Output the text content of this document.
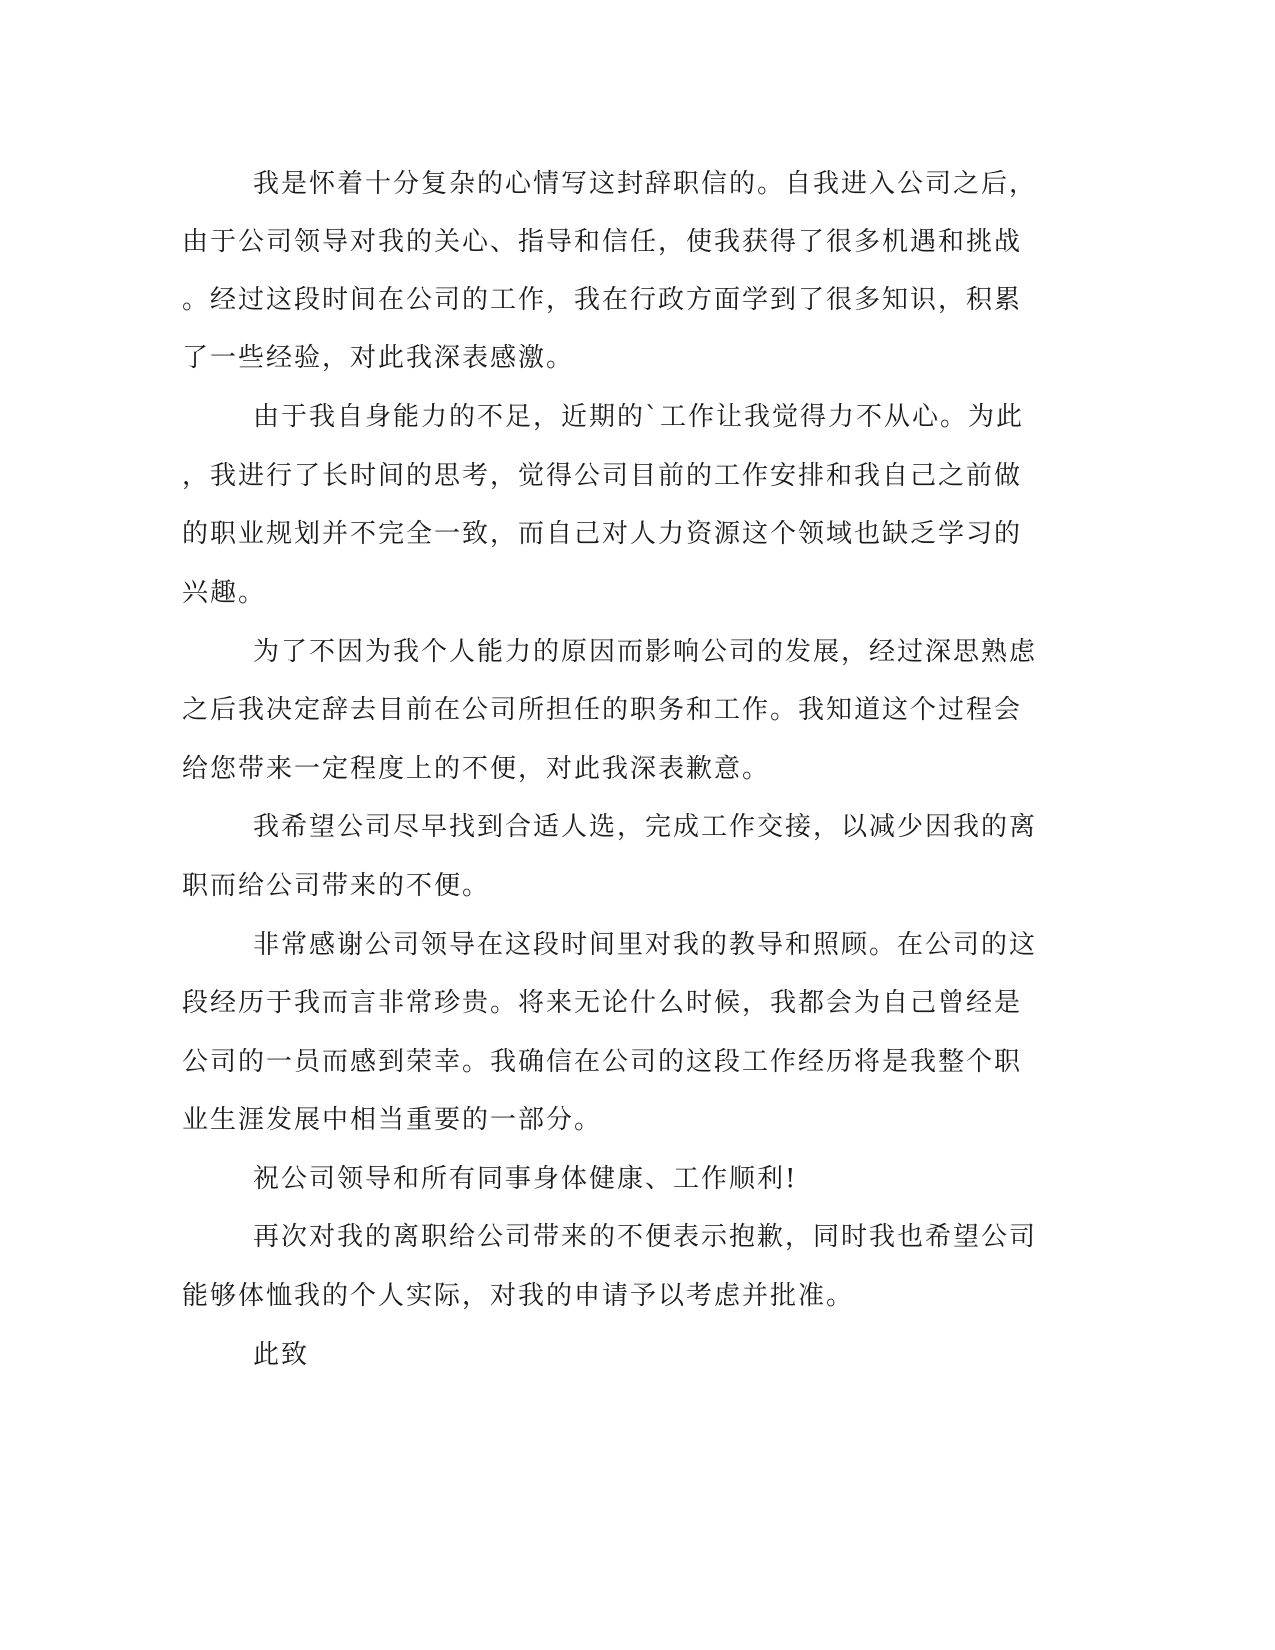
我是怀着十分复杂的心情写这封辞职信的。自我进入公司之后，
由于公司领导对我的关心、指导和信任，使我获得了很多机遇和挑战
。经过这段时间在公司的工作，我在行政方面学到了很多知识，积累
了一些经验，对此我深表感激。
由于我自身能力的不足，近期的`工作让我觉得力不从心。为此
，我进行了长时间的思考，觉得公司目前的工作安排和我自己之前做
的职业规划并不完全一致，而自己对人力资源这个领域也缺乏学习的
兴趣。
为了不因为我个人能力的原因而影响公司的发展，经过深思熟虑
之后我决定辞去目前在公司所担任的职务和工作。我知道这个过程会
给您带来一定程度上的不便，对此我深表歉意。
我希望公司尽早找到合适人选，完成工作交接，以减少因我的离
职而给公司带来的不便。
非常感谢公司领导在这段时间里对我的教导和照顾。在公司的这
段经历于我而言非常珍贵。将来无论什么时候，我都会为自己曾经是
公司的一员而感到荣幸。我确信在公司的这段工作经历将是我整个职
业生涯发展中相当重要的一部分。
祝公司领导和所有同事身体健康、工作顺利!
再次对我的离职给公司带来的不便表示抱歉，同时我也希望公司
能够体恤我的个人实际，对我的申请予以考虑并批准。
此致
